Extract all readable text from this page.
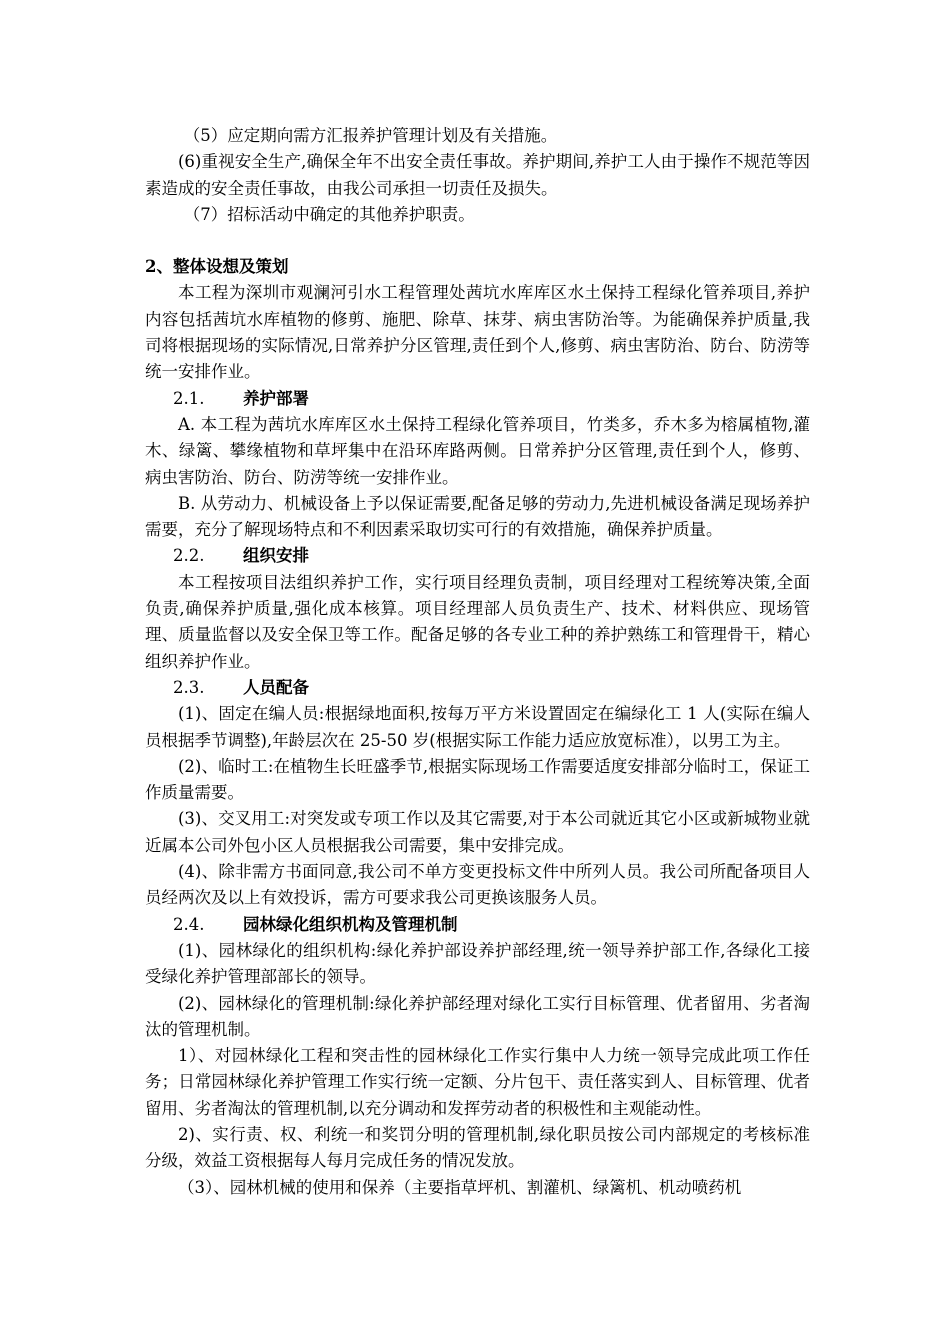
（5）应定期向需方汇报养护管理计划及有关措施。

(6)重视安全生产,确保全年不出安全责任事故。养护期间,养护工人由于操作不规范等因素造成的安全责任事故，由我公司承担一切责任及损失。

（7）招标活动中确定的其他养护职责。

2、整体设想及策划

本工程为深圳市观澜河引水工程管理处茜坑水库库区水土保持工程绿化管养项目,养护内容包括茜坑水库植物的修剪、施肥、除草、抹芽、病虫害防治等。为能确保养护质量,我司将根据现场的实际情况,日常养护分区管理,责任到个人,修剪、病虫害防治、防台、防涝等统一安排作业。

2.1.	养护部署

A. 本工程为茜坑水库库区水土保持工程绿化管养项目，竹类多，乔木多为榕属植物,灌木、绿篱、攀缘植物和草坪集中在沿环库路两侧。日常养护分区管理,责任到个人，修剪、病虫害防治、防台、防涝等统一安排作业。

B. 从劳动力、机械设备上予以保证需要,配备足够的劳动力,先进机械设备满足现场养护需要，充分了解现场特点和不利因素采取切实可行的有效措施，确保养护质量。

2.2.	组织安排

本工程按项目法组织养护工作，实行项目经理负责制，项目经理对工程统筹决策,全面负责,确保养护质量,强化成本核算。项目经理部人员负责生产、技术、材料供应、现场管理、质量监督以及安全保卫等工作。配备足够的各专业工种的养护熟练工和管理骨干，精心组织养护作业。

2.3.	人员配备

(1)、固定在编人员:根据绿地面积,按每万平方米设置固定在编绿化工 1 人(实际在编人员根据季节调整),年龄层次在 25-50 岁(根据实际工作能力适应放宽标准），以男工为主。

(2)、临时工:在植物生长旺盛季节,根据实际现场工作需要适度安排部分临时工，保证工作质量需要。

(3)、交叉用工:对突发或专项工作以及其它需要,对于本公司就近其它小区或新城物业就近属本公司外包小区人员根据我公司需要，集中安排完成。

(4)、除非需方书面同意,我公司不单方变更投标文件中所列人员。我公司所配备项目人员经两次及以上有效投诉，需方可要求我公司更换该服务人员。

2.4.	园林绿化组织机构及管理机制

(1)、园林绿化的组织机构:绿化养护部设养护部经理,统一领导养护部工作,各绿化工接受绿化养护管理部部长的领导。

(2)、园林绿化的管理机制:绿化养护部经理对绿化工实行目标管理、优者留用、劣者淘汰的管理机制。

1）、对园林绿化工程和突击性的园林绿化工作实行集中人力统一领导完成此项工作任务；日常园林绿化养护管理工作实行统一定额、分片包干、责任落实到人、目标管理、优者留用、劣者淘汰的管理机制,以充分调动和发挥劳动者的积极性和主观能动性。

2)、实行责、权、利统一和奖罚分明的管理机制,绿化职员按公司内部规定的考核标准分级，效益工资根据每人每月完成任务的情况发放。

（3）、园林机械的使用和保养（主要指草坪机、割灌机、绿篱机、机动喷药机
